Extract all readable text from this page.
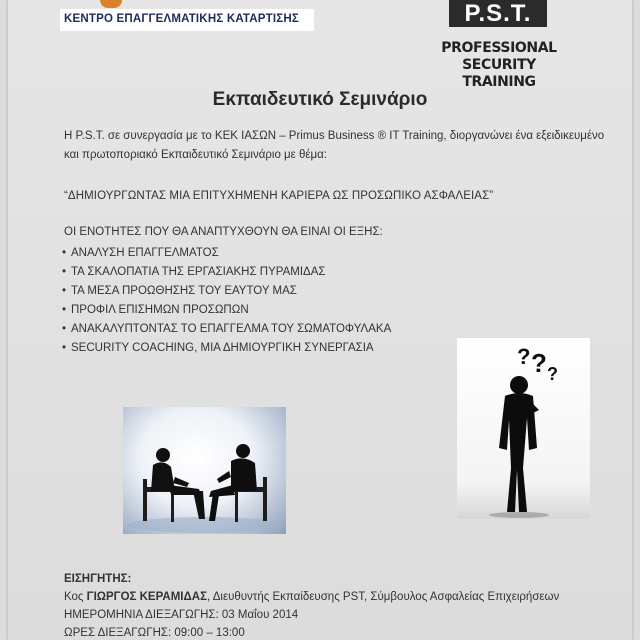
ΚΕΝΤΡΟ ΕΠΑΓΓΕΛΜΑΤΙΚΗΣ ΚΑΤΑΡΤΙΣΗΣ	P.S.T.
PROFESSIONAL SECURITY
TRAINING
Εκπαιδευτικό Σεμινάριο
Η P.S.T. σε συνεργασία με το ΚΕΚ ΙΑΣΩΝ – Primus Business ® IT Training, διοργανώνει ένα εξειδικευμένο και πρωτοποριακό Εκπαιδευτικό Σεμινάριο με θέμα:
“ΔΗΜΙΟΥΡΓΩΝΤΑΣ ΜΙΑ ΕΠΙΤΥΧΗΜΕΝΗ ΚΑΡΙΕΡΑ ΩΣ ΠΡΟΣΩΠΙΚΟ ΑΣΦΑΛΕΙΑΣ”
ΟΙ ΕΝΟΤΗΤΕΣ ΠΟΥ ΘΑ ΑΝΑΠΤΥΧΘΟΥΝ ΘΑ ΕΙΝΑΙ ΟΙ ΕΞΗΣ:
• ΑΝΑΛΥΣΗ ΕΠΑΓΓΕΛΜΑΤΟΣ
• ΤΑ ΣΚΑΛΟΠΑΤΙΑ ΤΗΣ ΕΡΓΑΣΙΑΚΗΣ ΠΥΡΑΜΙΔΑΣ
• ΤΑ ΜΕΣΑ ΠΡΟΩΘΗΣΗΣ ΤΟΥ ΕΑΥΤΟΥ ΜΑΣ
• ΠΡΟΦΙΛ ΕΠΙΣΗΜΩΝ ΠΡΟΣΩΠΩΝ
• ΑΝΑΚΑΛΥΠΤΟΝΤΑΣ ΤΟ ΕΠΑΓΓΕΛΜΑ ΤΟΥ ΣΩΜΑΤΟΦΥΛΑΚΑ
• SECURITY COACHING, ΜΙΑ ΔΗΜΙΟΥΡΓΙΚΗ ΣΥΝΕΡΓΑΣΙΑ	? ? ?
ΕΙΣΗΓΗΤΗΣ:
Κος ΓΙΩΡΓΟΣ ΚΕΡΑΜΙΔΑΣ, Διευθυντής Εκπαίδευσης PST, Σύμβουλος Ασφαλείας Επιχειρήσεων
ΗΜΕΡΟΜΗΝΙΑ ΔΙΕΞΑΓΩΓΗΣ: 03 Μαΐου 2014
ΩΡΕΣ ΔΙΕΞΑΓΩΓΗΣ: 09:00 – 13:00
